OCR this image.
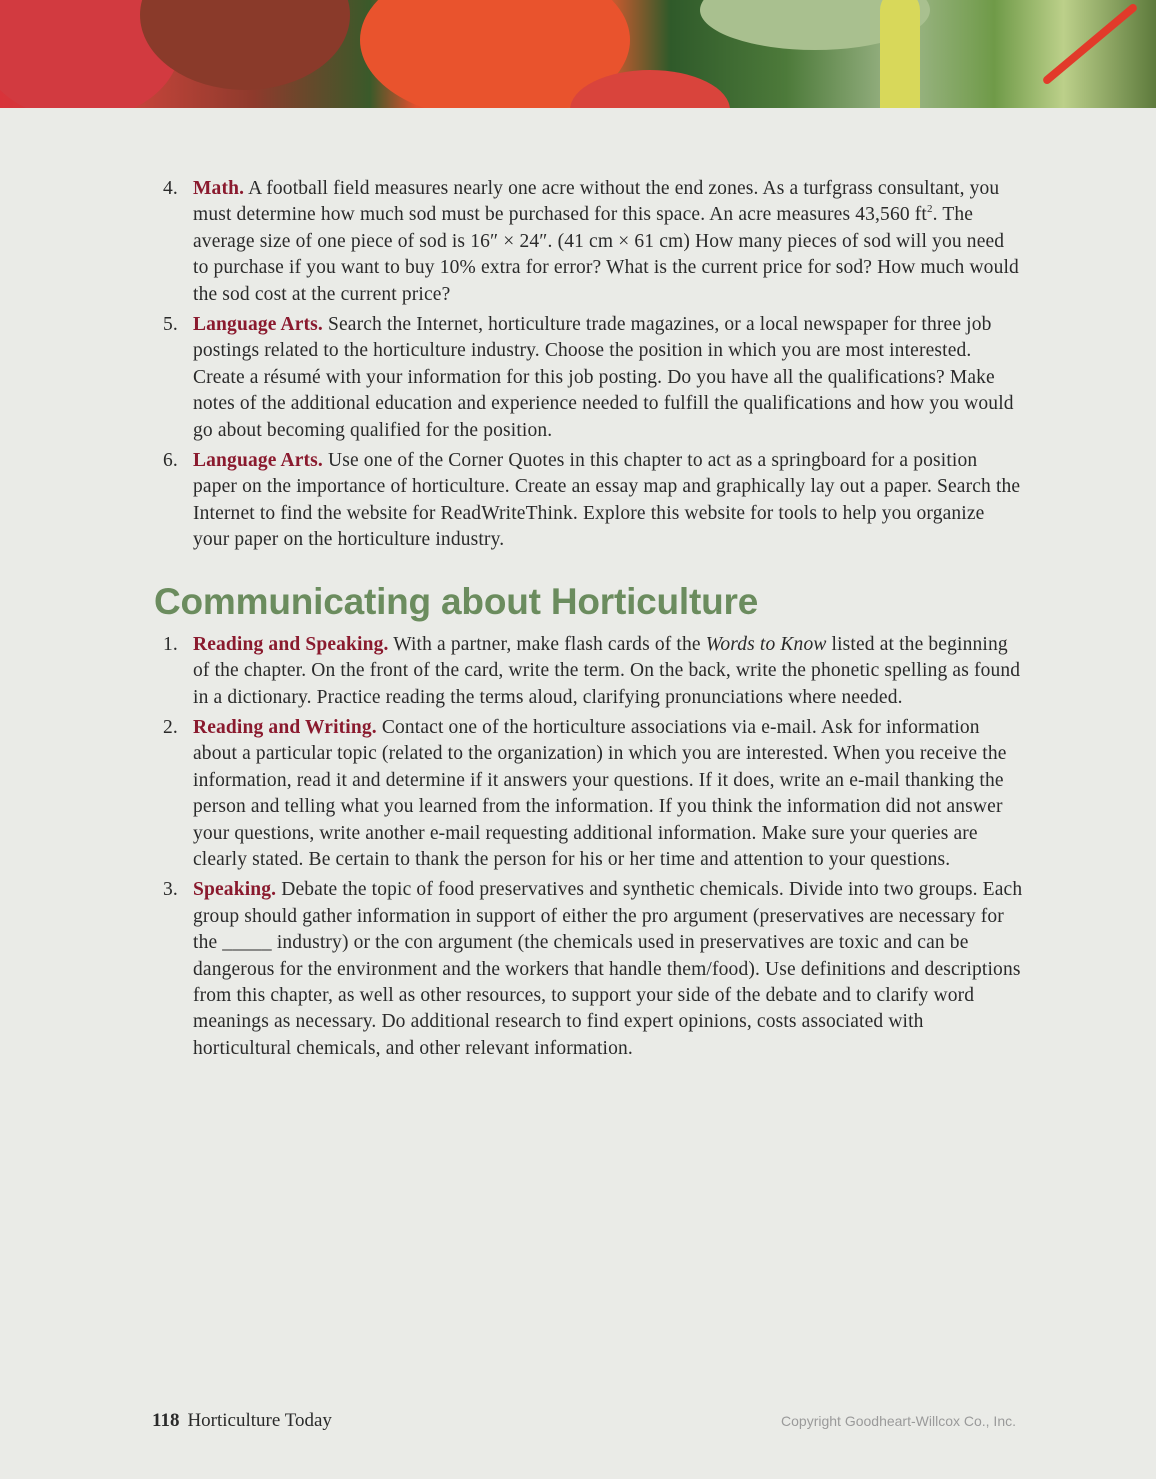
4. Math. A football field measures nearly one acre without the end zones. As a turfgrass consultant, you must determine how much sod must be purchased for this space. An acre measures 43,560 $ft^2$. The average size of one piece of sod is 16″ × 24″. (41 cm × 61 cm) How many pieces of sod will you need to purchase if you want to buy 10% extra for error? What is the current price for sod? How much would the sod cost at the current price?
5. Language Arts. Search the Internet, horticulture trade magazines, or a local newspaper for three job postings related to the horticulture industry. Choose the position in which you are most interested. Create a résumé with your information for this job posting. Do you have all the qualifications? Make notes of the additional education and experience needed to fulfill the qualifications and how you would go about becoming qualified for the position.
6. Language Arts. Use one of the Corner Quotes in this chapter to act as a springboard for a position paper on the importance of horticulture. Create an essay map and graphically lay out a paper. Search the Internet to find the website for ReadWriteThink. Explore this website for tools to help you organize your paper on the horticulture industry.
Communicating about Horticulture
1. Reading and Speaking. With a partner, make flash cards of the Words to Know listed at the beginning of the chapter. On the front of the card, write the term. On the back, write the phonetic spelling as found in a dictionary. Practice reading the terms aloud, clarifying pronunciations where needed.
2. Reading and Writing. Contact one of the horticulture associations via e-mail. Ask for information about a particular topic (related to the organization) in which you are interested. When you receive the information, read it and determine if it answers your questions. If it does, write an e-mail thanking the person and telling what you learned from the information. If you think the information did not answer your questions, write another e-mail requesting additional information. Make sure your queries are clearly stated. Be certain to thank the person for his or her time and attention to your questions.
3. Speaking. Debate the topic of food preservatives and synthetic chemicals. Divide into two groups. Each group should gather information in support of either the pro argument (preservatives are necessary for the _____ industry) or the con argument (the chemicals used in preservatives are toxic and can be dangerous for the environment and the workers that handle them/food). Use definitions and descriptions from this chapter, as well as other resources, to support your side of the debate and to clarify word meanings as necessary. Do additional research to find expert opinions, costs associated with horticultural chemicals, and other relevant information.
118 Horticulture Today	Copyright Goodheart-Willcox Co., Inc.
